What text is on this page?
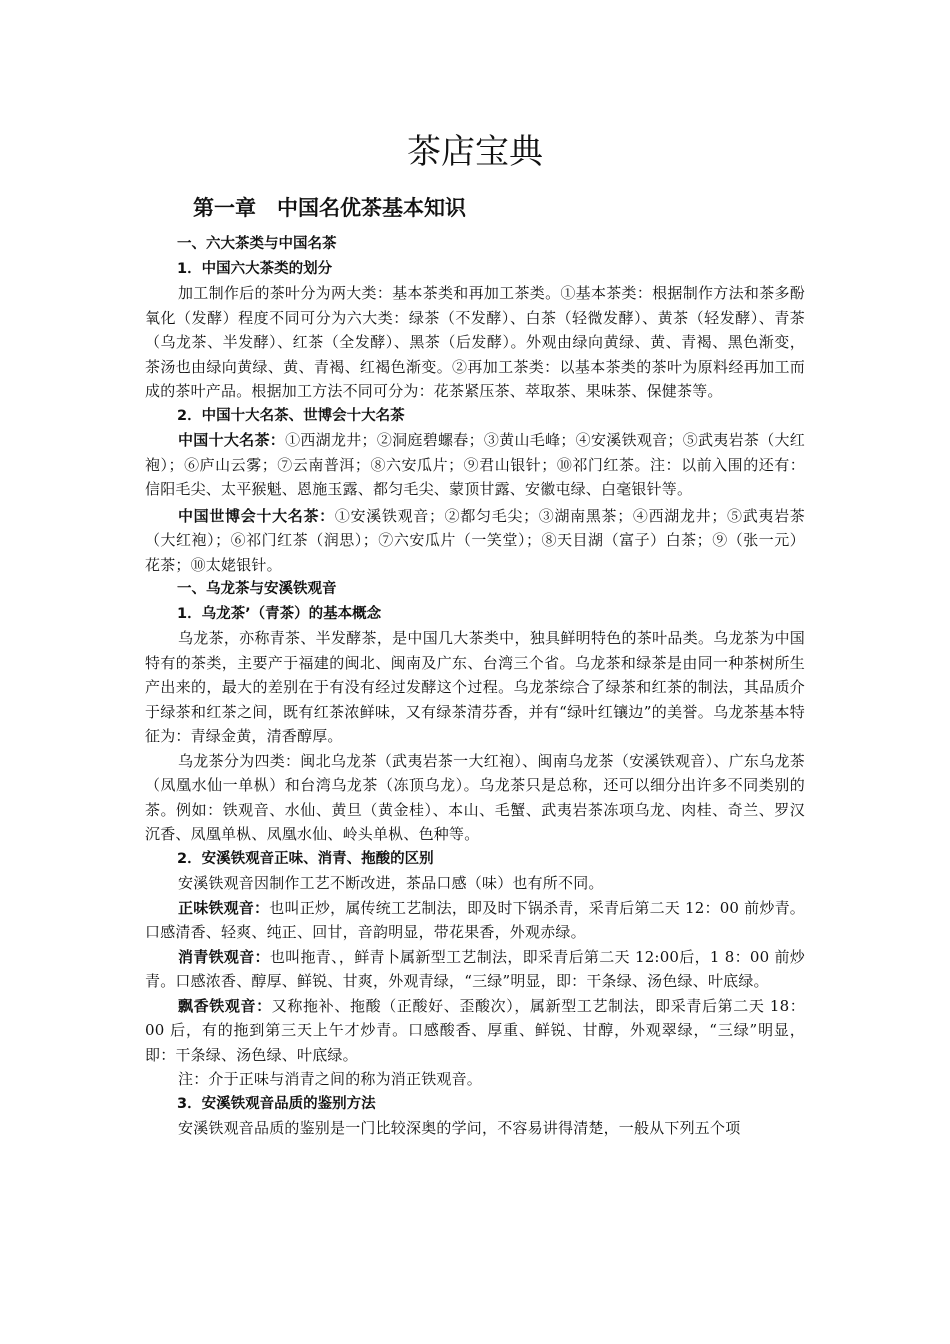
茶店宝典
第一章　中国名优茶基本知识

一、六大茶类与中国名茶

1．中国六大茶类的划分

加工制作后的茶叶分为两大类：基本茶类和再加工茶类。①基本茶类：根据制作方法和茶多酚氧化（发酵）程度不同可分为六大类：绿茶（不发酵）、白茶（轻微发酵）、黄茶（轻发酵）、青茶（乌龙茶、半发酵）、红茶（全发酵）、黑茶（后发酵）。外观由绿向黄绿、黄、青褐、黑色渐变，茶汤也由绿向黄绿、黄、青褐、红褐色渐变。②再加工茶类：以基本茶类的茶叶为原料经再加工而成的茶叶产品。根据加工方法不同可分为：花茶紧压茶、萃取茶、果味茶、保健茶等。

2．中国十大名茶、世博会十大名茶

中国十大名茶：①西湖龙井；②洞庭碧螺春；③黄山毛峰；④安溪铁观音；⑤武夷岩茶（大红袍）；⑥庐山云雾；⑦云南普洱；⑧六安瓜片；⑨君山银针；⑩祁门红茶。注：以前入围的还有：信阳毛尖、太平猴魁、恩施玉露、都匀毛尖、蒙顶甘露、安徽屯绿、白毫银针等。

中国世博会十大名茶：①安溪铁观音；②都匀毛尖；③湖南黑茶；④西湖龙井；⑤武夷岩茶（大红袍）；⑥祁门红茶（润思）；⑦六安瓜片（一笑堂）；⑧天目湖（富子）白茶；⑨（张一元）花茶；⑩太姥银针。

一、乌龙茶与安溪铁观音

1．乌龙茶’（青茶）的基本概念

乌龙茶，亦称青茶、半发酵茶，是中国几大茶类中，独具鲜明特色的茶叶品类。乌龙茶为中国特有的茶类，主要产于福建的闽北、闽南及广东、台湾三个省。乌龙茶和绿茶是由同一种茶树所生产出来的，最大的差别在于有没有经过发酵这个过程。乌龙茶综合了绿茶和红茶的制法，其品质介于绿茶和红茶之间，既有红茶浓鲜味，又有绿茶清芬香，并有“绿叶红镶边”的美誉。乌龙茶基本特征为：青绿金黄，清香醇厚。

乌龙茶分为四类：闽北乌龙茶（武夷岩茶一大红袍）、闽南乌龙茶（安溪铁观音）、广东乌龙茶（凤凰水仙一单枞）和台湾乌龙茶（冻顶乌龙）。乌龙茶只是总称，还可以细分出许多不同类别的茶。例如：铁观音、水仙、黄旦（黄金桂）、本山、毛蟹、武夷岩茶冻项乌龙、肉桂、奇兰、罗汉沉香、凤凰单枞、凤凰水仙、岭头单枞、色种等。

2．安溪铁观音正味、消青、拖酸的区别

安溪铁观音因制作工艺不断改进，茶品口感（味）也有所不同。

正味铁观音：也叫正炒，属传统工艺制法，即及时下锅杀青，采青后第二天 12：00 前炒青。口感清香、轻爽、纯正、回甘，音韵明显，带花果香，外观赤绿。

消青铁观音：也叫拖青、，鲜青卜属新型工艺制法，即采青后第二天 12:00后，1 8：00 前炒青。口感浓香、醇厚、鲜锐、甘爽，外观青绿，“三绿”明显，即：干条绿、汤色绿、叶底绿。

飘香铁观音：又称拖补、拖酸（正酸好、歪酸次），属新型工艺制法，即采青后第二天 18：00 后，有的拖到第三天上午才炒青。口感酸香、厚重、鲜锐、甘醇，外观翠绿，“三绿”明显，即：干条绿、汤色绿、叶底绿。

注：介于正味与消青之间的称为消正铁观音。

3．安溪铁观音品质的鉴别方法

安溪铁观音品质的鉴别是一门比较深奥的学问，不容易讲得清楚，一般从下列五个项
